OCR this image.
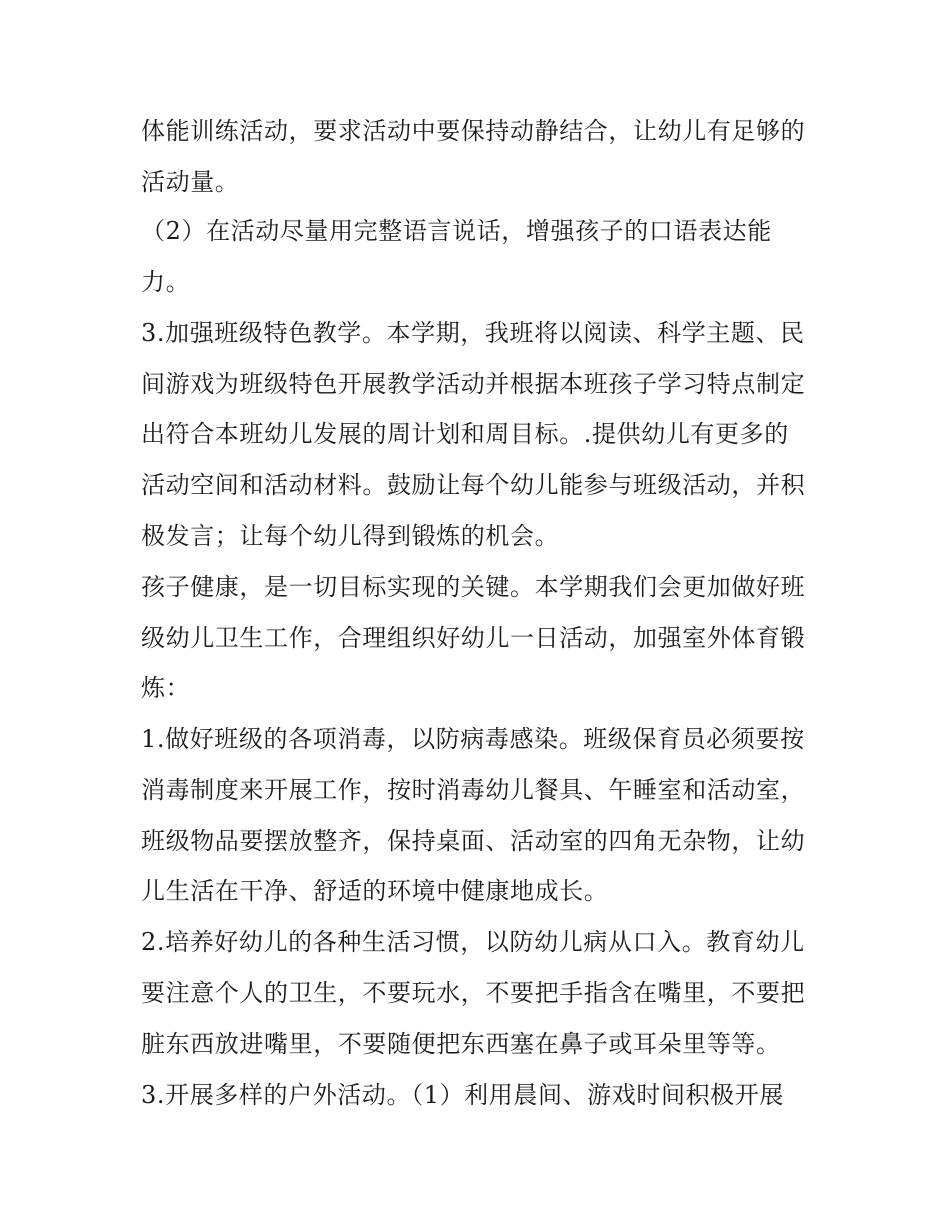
体能训练活动，要求活动中要保持动静结合，让幼儿有足够的
活动量。
（2）在活动尽量用完整语言说话，增强孩子的口语表达能
力。
3.加强班级特色教学。本学期，我班将以阅读、科学主题、民
间游戏为班级特色开展教学活动并根据本班孩子学习特点制定
出符合本班幼儿发展的周计划和周目标。.提供幼儿有更多的
活动空间和活动材料。鼓励让每个幼儿能参与班级活动，并积
极发言；让每个幼儿得到锻炼的机会。
孩子健康，是一切目标实现的关键。本学期我们会更加做好班
级幼儿卫生工作，合理组织好幼儿一日活动，加强室外体育锻
炼：
1.做好班级的各项消毒，以防病毒感染。班级保育员必须要按
消毒制度来开展工作，按时消毒幼儿餐具、午睡室和活动室，
班级物品要摆放整齐，保持桌面、活动室的四角无杂物，让幼
儿生活在干净、舒适的环境中健康地成长。
2.培养好幼儿的各种生活习惯，以防幼儿病从口入。教育幼儿
要注意个人的卫生，不要玩水，不要把手指含在嘴里，不要把
脏东西放进嘴里，不要随便把东西塞在鼻子或耳朵里等等。
3.开展多样的户外活动。（1）利用晨间、游戏时间积极开展
